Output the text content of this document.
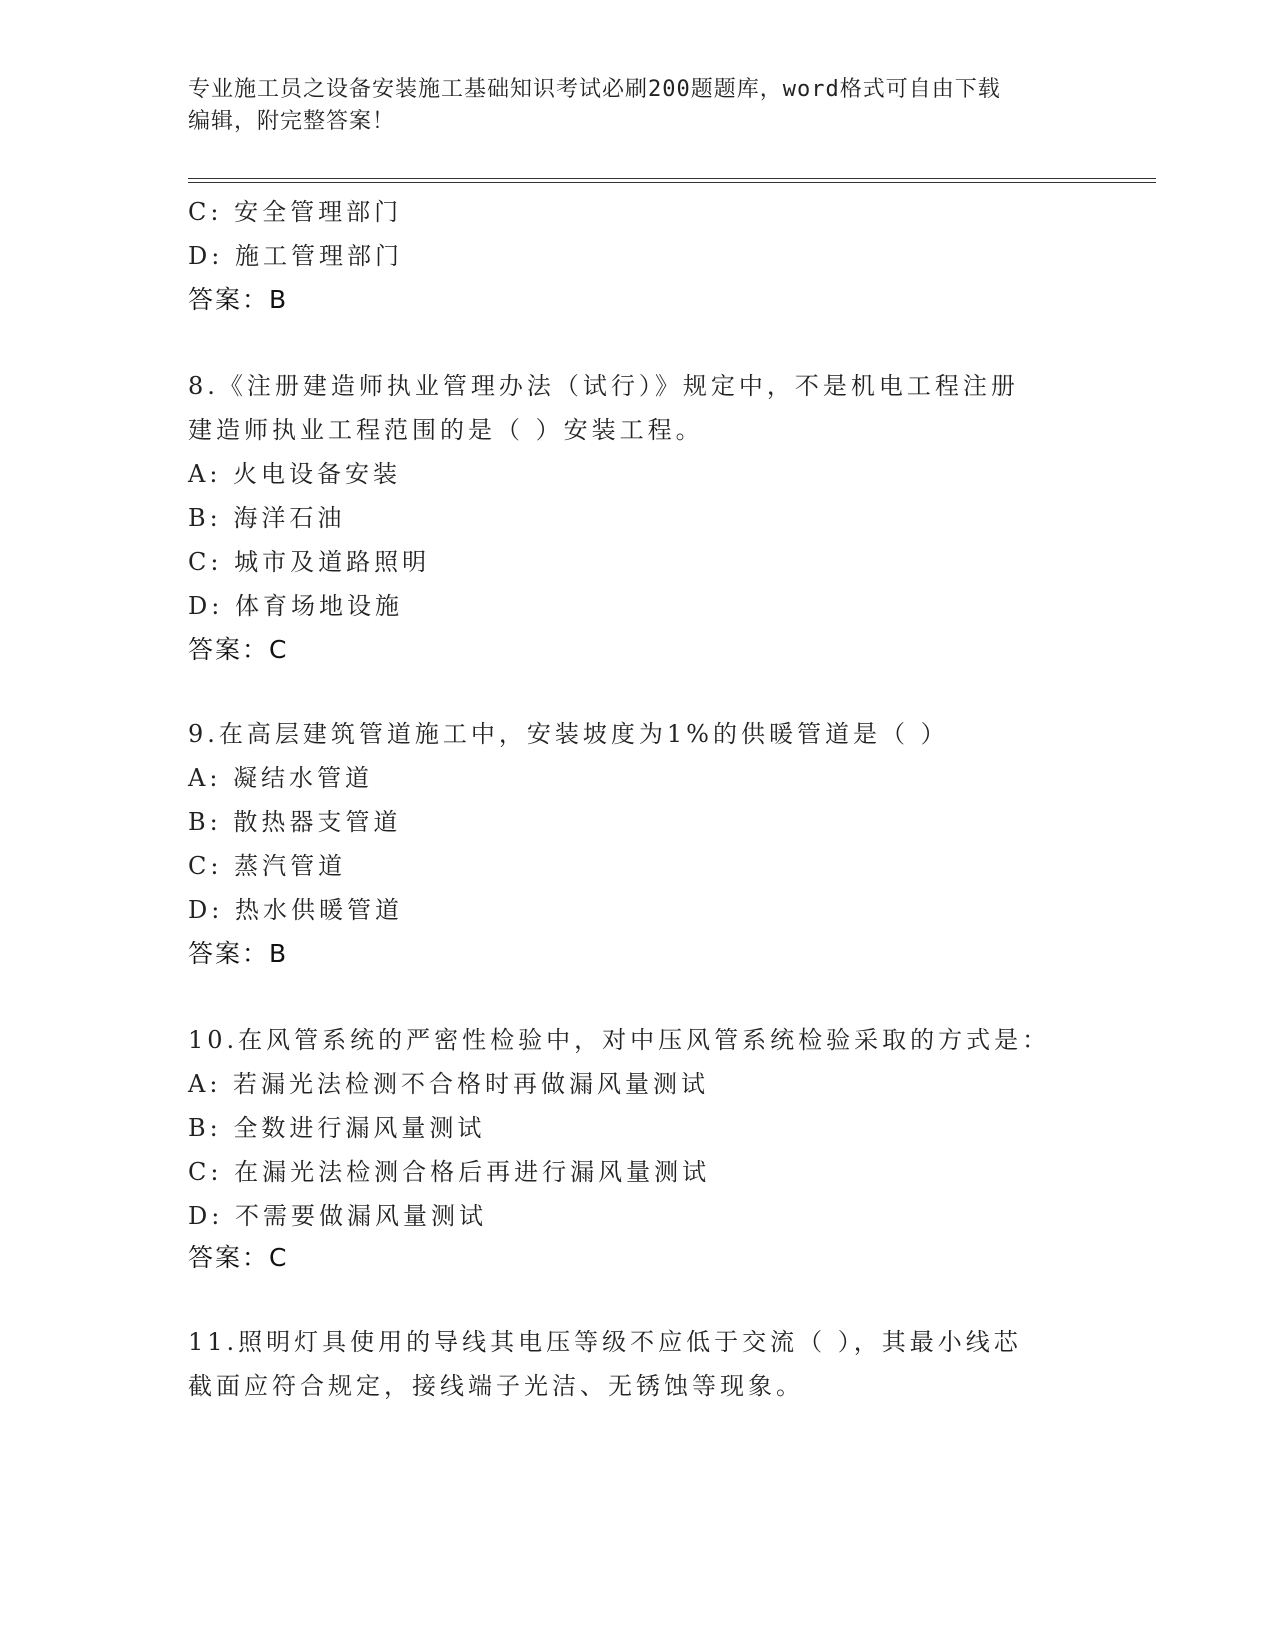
专业施工员之设备安装施工基础知识考试必刷200题题库，word格式可自由下载
编辑，附完整答案！
C: 安全管理部门
D: 施工管理部门
答案：B
8.《注册建造师执业管理办法（试行）》规定中，不是机电工程注册
建造师执业工程范围的是（ ）安装工程。
A: 火电设备安装
B: 海洋石油
C: 城市及道路照明
D: 体育场地设施
答案：C
9.在高层建筑管道施工中，安装坡度为1%的供暖管道是（ ）
A: 凝结水管道
B: 散热器支管道
C: 蒸汽管道
D: 热水供暖管道
答案：B
10.在风管系统的严密性检验中，对中压风管系统检验采取的方式是：
A: 若漏光法检测不合格时再做漏风量测试
B: 全数进行漏风量测试
C: 在漏光法检测合格后再进行漏风量测试
D: 不需要做漏风量测试
答案：C
11.照明灯具使用的导线其电压等级不应低于交流（ ），其最小线芯
截面应符合规定，接线端子光洁、无锈蚀等现象。
